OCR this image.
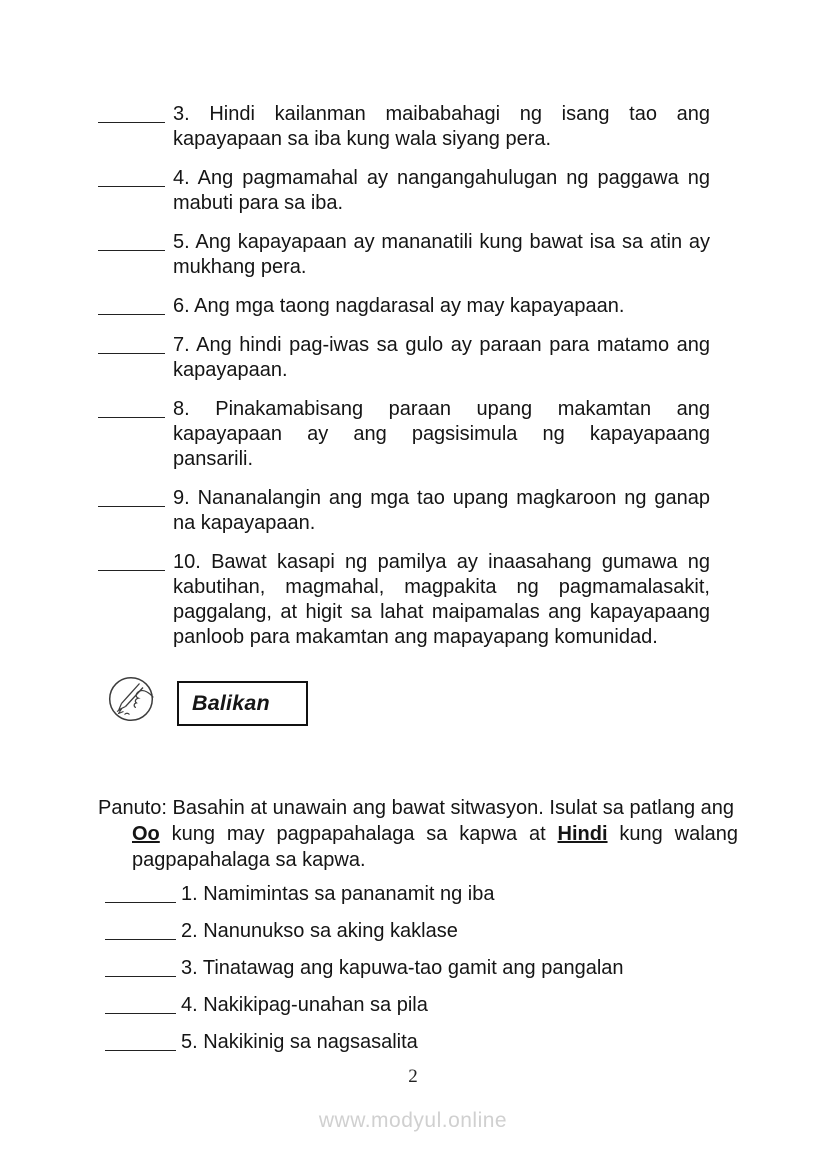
3. Hindi kailanman maibabahagi ng isang tao ang
kapayapaan sa iba kung wala siyang pera.
4. Ang pagmamahal ay nangangahulugan ng paggawa ng
mabuti para sa iba.
5. Ang kapayapaan ay mananatili kung bawat isa sa atin ay
mukhang pera.
6. Ang mga taong nagdarasal ay may kapayapaan.
7. Ang hindi pag-iwas sa gulo ay paraan para matamo ang
kapayapaan.
8. Pinakamabisang paraan upang makamtan ang
kapayapaan ay ang pagsisimula ng kapayapaang
pansarili.
9. Nananalangin ang mga tao upang magkaroon ng ganap
na kapayapaan.
10. Bawat kasapi ng pamilya ay inaasahang gumawa ng
kabutihan, magmahal, magpakita ng pagmamalasakit,
paggalang, at higit sa lahat maipamalas ang kapayapaang
panloob para makamtan ang mapayapang komunidad.
Balikan
Panuto: Basahin at unawain ang bawat sitwasyon. Isulat sa patlang ang
Oo kung may pagpapahalaga sa kapwa at Hindi kung walang
pagpapahalaga sa kapwa.
1. Namimintas sa pananamit ng iba
2. Nanunukso sa aking kaklase
3. Tinatawag ang kapuwa-tao gamit ang pangalan
4. Nakikipag-unahan sa pila
5. Nakikinig sa nagsasalita
2
www.modyul.online
